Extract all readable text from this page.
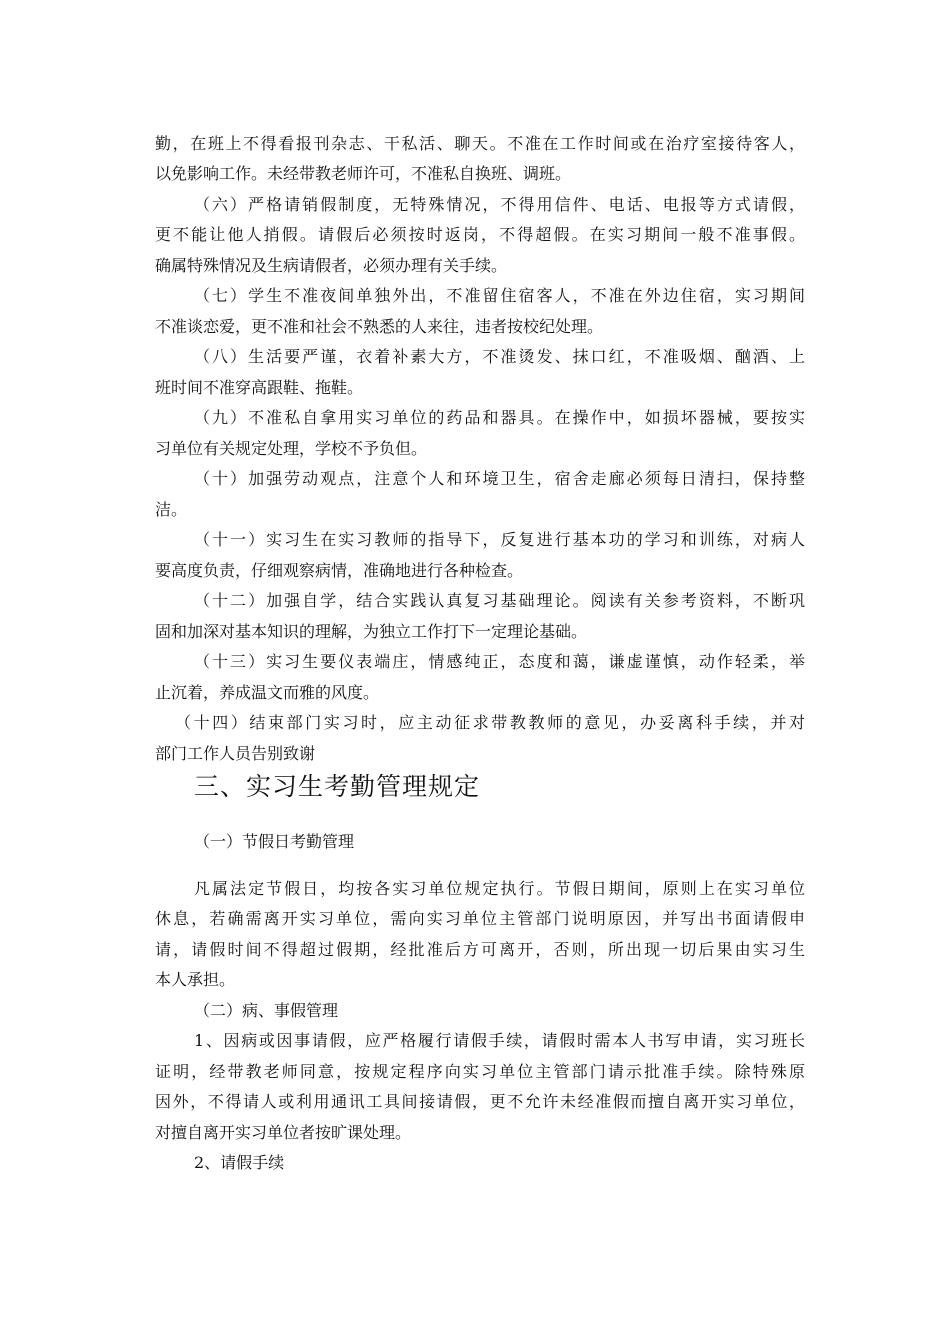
勤，在班上不得看报刊杂志、干私活、聊天。不准在工作时间或在治疗室接待客人，
以免影响工作。未经带教老师许可，不准私自换班、调班。
（六）严格请销假制度，无特殊情况，不得用信件、电话、电报等方式请假，
更不能让他人捎假。请假后必须按时返岗，不得超假。在实习期间一般不准事假。
确属特殊情况及生病请假者，必须办理有关手续。
（七）学生不准夜间单独外出，不准留住宿客人，不准在外边住宿，实习期间
不准谈恋爱，更不准和社会不熟悉的人来往，违者按校纪处理。
（八）生活要严谨，衣着补素大方，不准烫发、抹口红，不准吸烟、酗酒、上
班时间不准穿高跟鞋、拖鞋。
（九）不准私自拿用实习单位的药品和器具。在操作中，如损坏器械，要按实
习单位有关规定处理，学校不予负但。
（十）加强劳动观点，注意个人和环境卫生，宿舍走廊必须每日清扫，保持整
洁。
（十一）实习生在实习教师的指导下，反复进行基本功的学习和训练，对病人
要高度负责，仔细观察病情，准确地进行各种检查。
（十二）加强自学，结合实践认真复习基础理论。阅读有关参考资料，不断巩
固和加深对基本知识的理解，为独立工作打下一定理论基础。
（十三）实习生要仪表端庄，情感纯正，态度和蔼，谦虚谨慎，动作轻柔，举
止沉着，养成温文而雅的风度。
（十四）结束部门实习时，应主动征求带教教师的意见，办妥离科手续，并对
部门工作人员告别致谢
三、实习生考勤管理规定
（一）节假日考勤管理
凡属法定节假日，均按各实习单位规定执行。节假日期间，原则上在实习单位
休息，若确需离开实习单位，需向实习单位主管部门说明原因，并写出书面请假申
请，请假时间不得超过假期，经批准后方可离开，否则，所出现一切后果由实习生
本人承担。
（二）病、事假管理
1、因病或因事请假，应严格履行请假手续，请假时需本人书写申请，实习班长
证明，经带教老师同意，按规定程序向实习单位主管部门请示批准手续。除特殊原
因外，不得请人或利用通讯工具间接请假，更不允许未经准假而擅自离开实习单位，
对擅自离开实习单位者按旷课处理。
2、请假手续
